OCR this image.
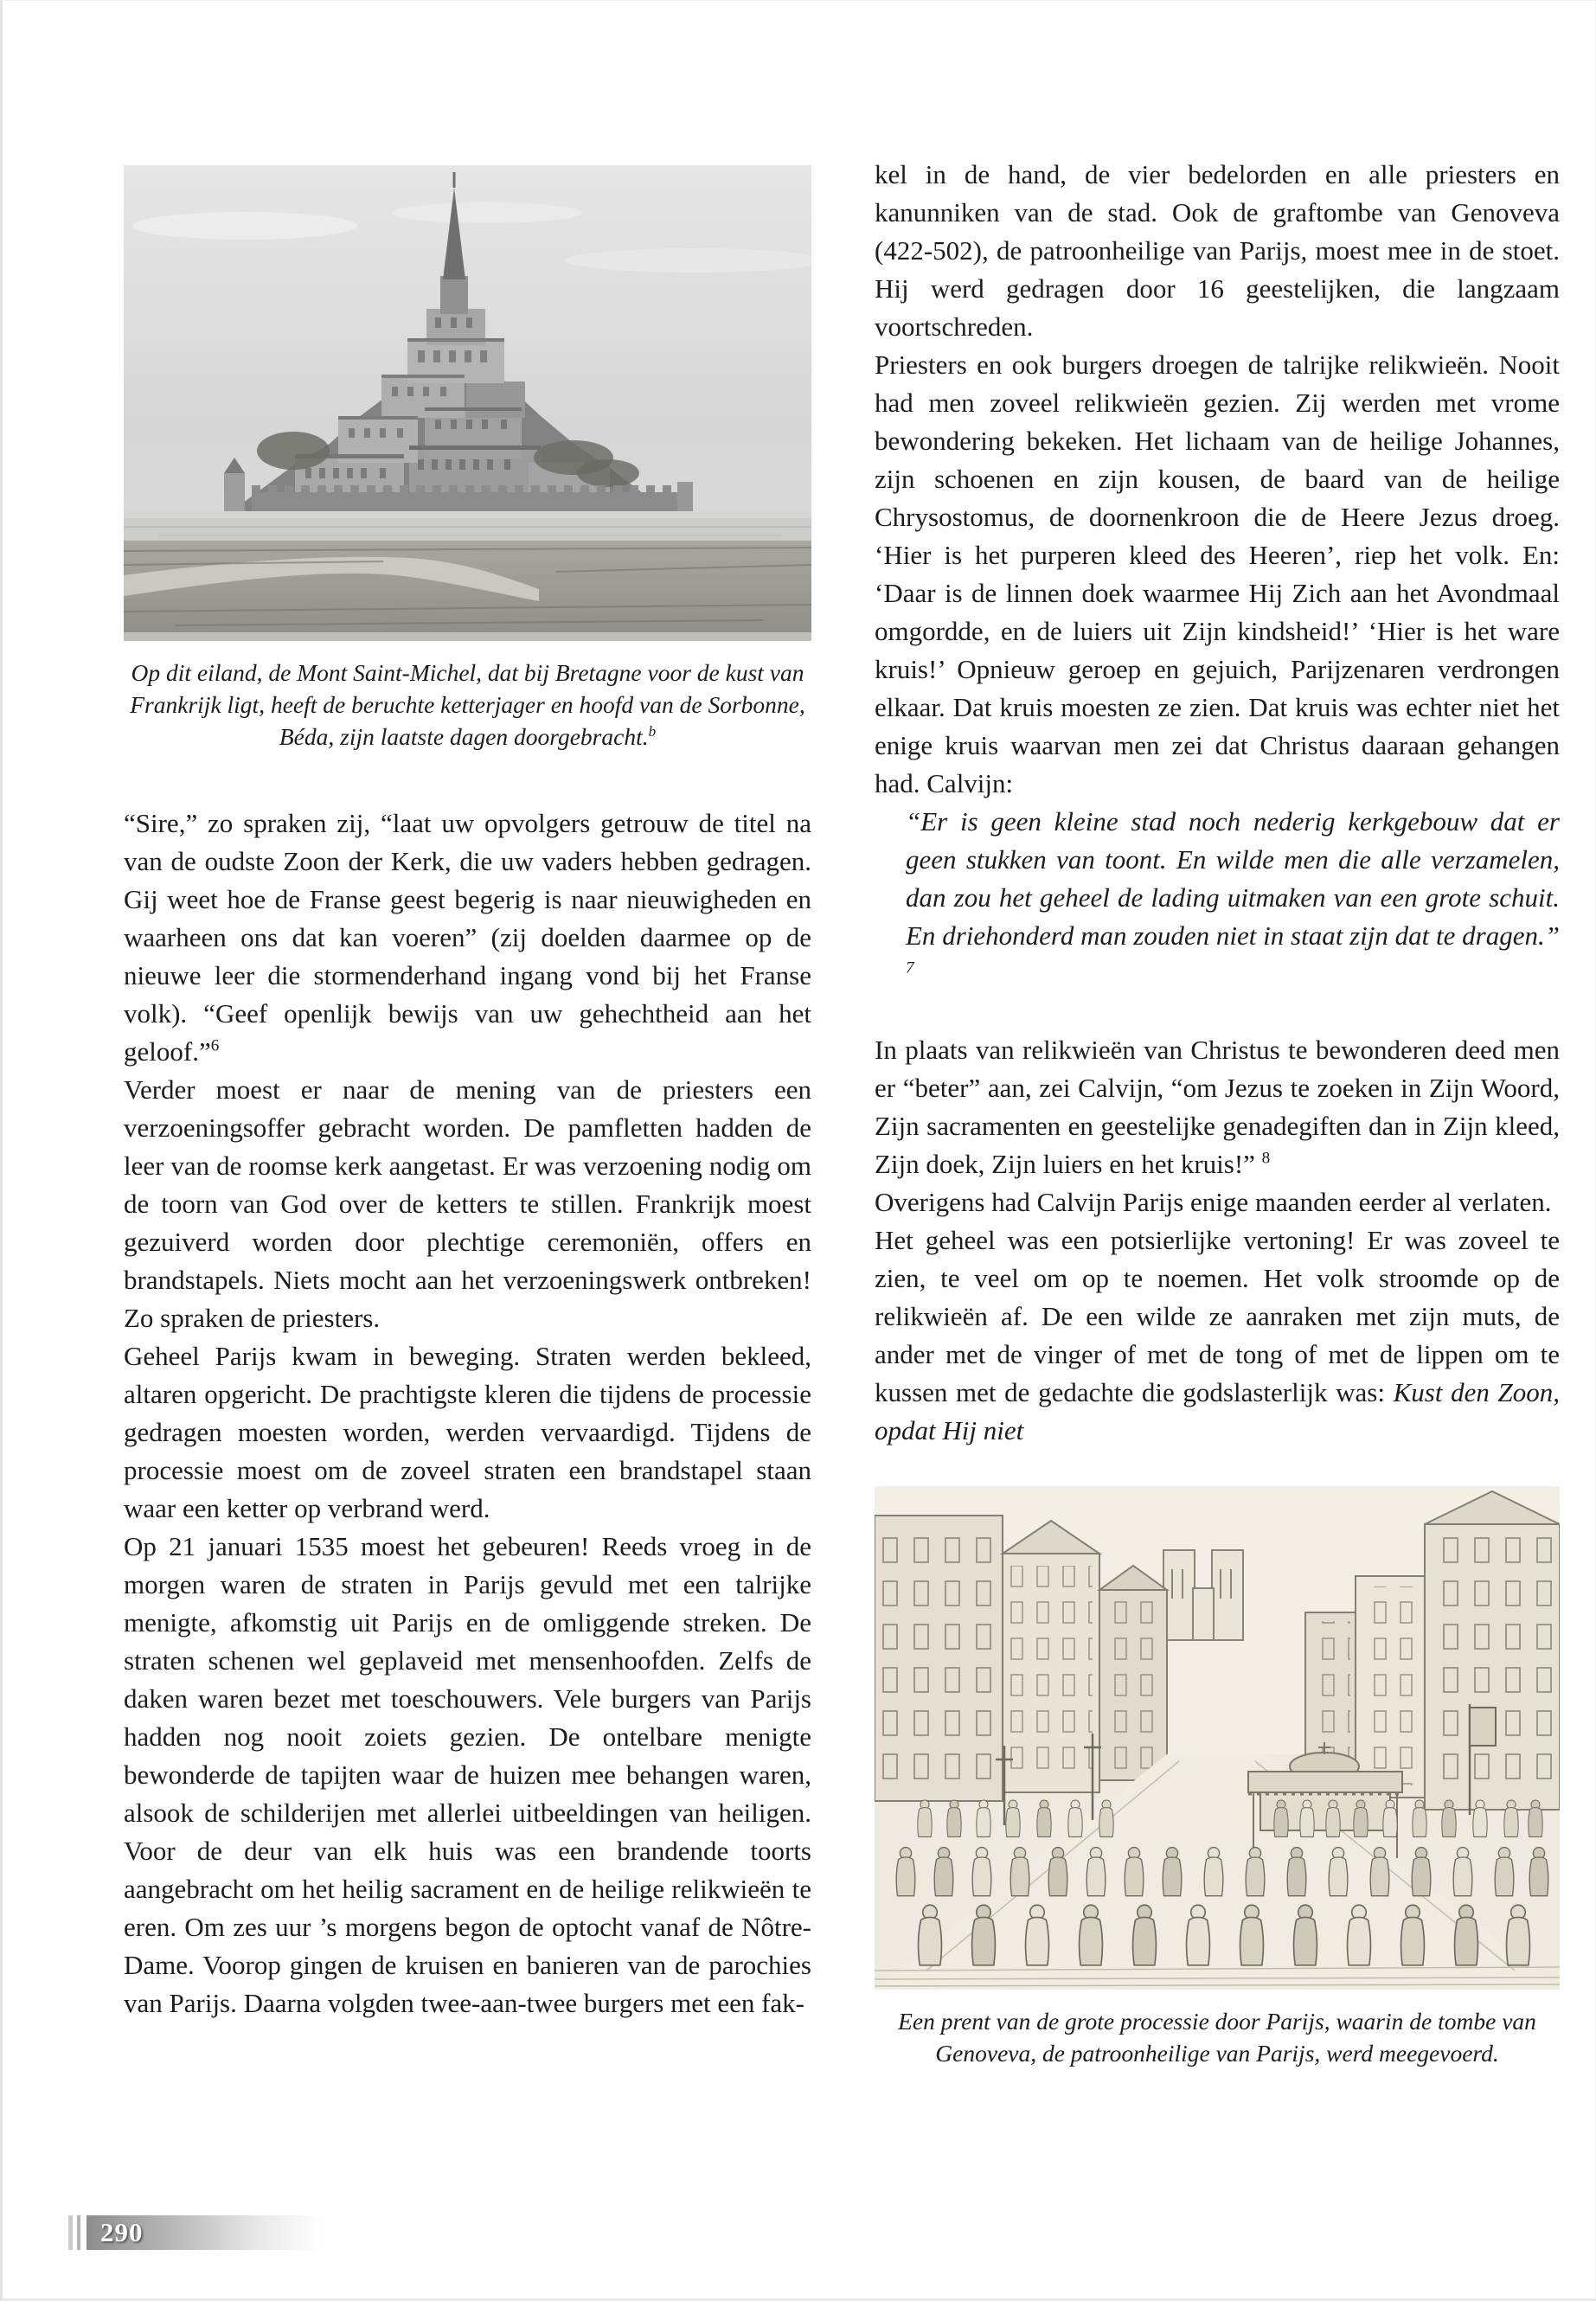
Op dit eiland, de Mont Saint-Michel, dat bij Bretagne voor de kust van Frankrijk ligt, heeft de beruchte ketterjager en hoofd van de Sorbonne, Béda, zijn laatste dagen doorgebracht.$^b$

“Sire,” zo spraken zij, “laat uw opvolgers getrouw de titel na van de oudste Zoon der Kerk, die uw vaders hebben gedragen. Gij weet hoe de Franse geest begerig is naar nieuwigheden en waarheen ons dat kan voeren” (zij doelden daarmee op de nieuwe leer die stormenderhand ingang vond bij het Franse volk). “Geef openlijk bewijs van uw gehechtheid aan het geloof.”$^6$

Verder moest er naar de mening van de priesters een verzoeningsoffer gebracht worden. De pamfletten hadden de leer van de roomse kerk aangetast. Er was verzoening nodig om de toorn van God over de ketters te stillen. Frankrijk moest gezuiverd worden door plechtige ceremoniën, offers en brandstapels. Niets mocht aan het verzoeningswerk ontbreken! Zo spraken de priesters.

Geheel Parijs kwam in beweging. Straten werden bekleed, altaren opgericht. De prachtigste kleren die tijdens de processie gedragen moesten worden, werden vervaardigd. Tijdens de processie moest om de zoveel straten een brandstapel staan waar een ketter op verbrand werd.

Op 21 januari 1535 moest het gebeuren! Reeds vroeg in de morgen waren de straten in Parijs gevuld met een talrijke menigte, afkomstig uit Parijs en de omliggende streken. De straten schenen wel geplaveid met mensenhoofden. Zelfs de daken waren bezet met toeschouwers. Vele burgers van Parijs hadden nog nooit zoiets gezien. De ontelbare menigte bewonderde de tapijten waar de huizen mee behangen waren, alsook de schilderijen met allerlei uitbeeldingen van heiligen. Voor de deur van elk huis was een brandende toorts aangebracht om het heilig sacrament en de heilige relikwieën te eren. Om zes uur ’s morgens begon de optocht vanaf de Nôtre-Dame. Voorop gingen de kruisen en banieren van de parochies van Parijs. Daarna volgden twee-aan-twee burgers met een fak-

kel in de hand, de vier bedelorden en alle priesters en kanunniken van de stad. Ook de graftombe van Genoveva (422-502), de patroonheilige van Parijs, moest mee in de stoet. Hij werd gedragen door 16 geestelijken, die langzaam voortschreden.

Priesters en ook burgers droegen de talrijke relikwieën. Nooit had men zoveel relikwieën gezien. Zij werden met vrome bewondering bekeken. Het lichaam van de heilige Johannes, zijn schoenen en zijn kousen, de baard van de heilige Chrysostomus, de doornenkroon die de Heere Jezus droeg. ‘Hier is het purperen kleed des Heeren’, riep het volk. En: ‘Daar is de linnen doek waarmee Hij Zich aan het Avondmaal omgordde, en de luiers uit Zijn kindsheid!’ ‘Hier is het ware kruis!’ Opnieuw geroep en gejuich, Parijzenaren verdrongen elkaar. Dat kruis moesten ze zien. Dat kruis was echter niet het enige kruis waarvan men zei dat Christus daaraan gehangen had. Calvijn:

“Er is geen kleine stad noch nederig kerkgebouw dat er geen stukken van toont. En wilde men die alle verzamelen, dan zou het geheel de lading uitmaken van een grote schuit. En driehonderd man zouden niet in staat zijn dat te dragen.” $^7$

In plaats van relikwieën van Christus te bewonderen deed men er “beter” aan, zei Calvijn, “om Jezus te zoeken in Zijn Woord, Zijn sacramenten en geestelijke genadegiften dan in Zijn kleed, Zijn doek, Zijn luiers en het kruis!” $^8$

Overigens had Calvijn Parijs enige maanden eerder al verlaten.

Het geheel was een potsierlijke vertoning! Er was zoveel te zien, te veel om op te noemen. Het volk stroomde op de relikwieën af. De een wilde ze aanraken met zijn muts, de ander met de vinger of met de tong of met de lippen om te kussen met de gedachte die godslasterlijk was: Kust den Zoon, opdat Hij niet

Een prent van de grote processie door Parijs, waarin de tombe van Genoveva, de patroonheilige van Parijs, werd meegevoerd.
290
